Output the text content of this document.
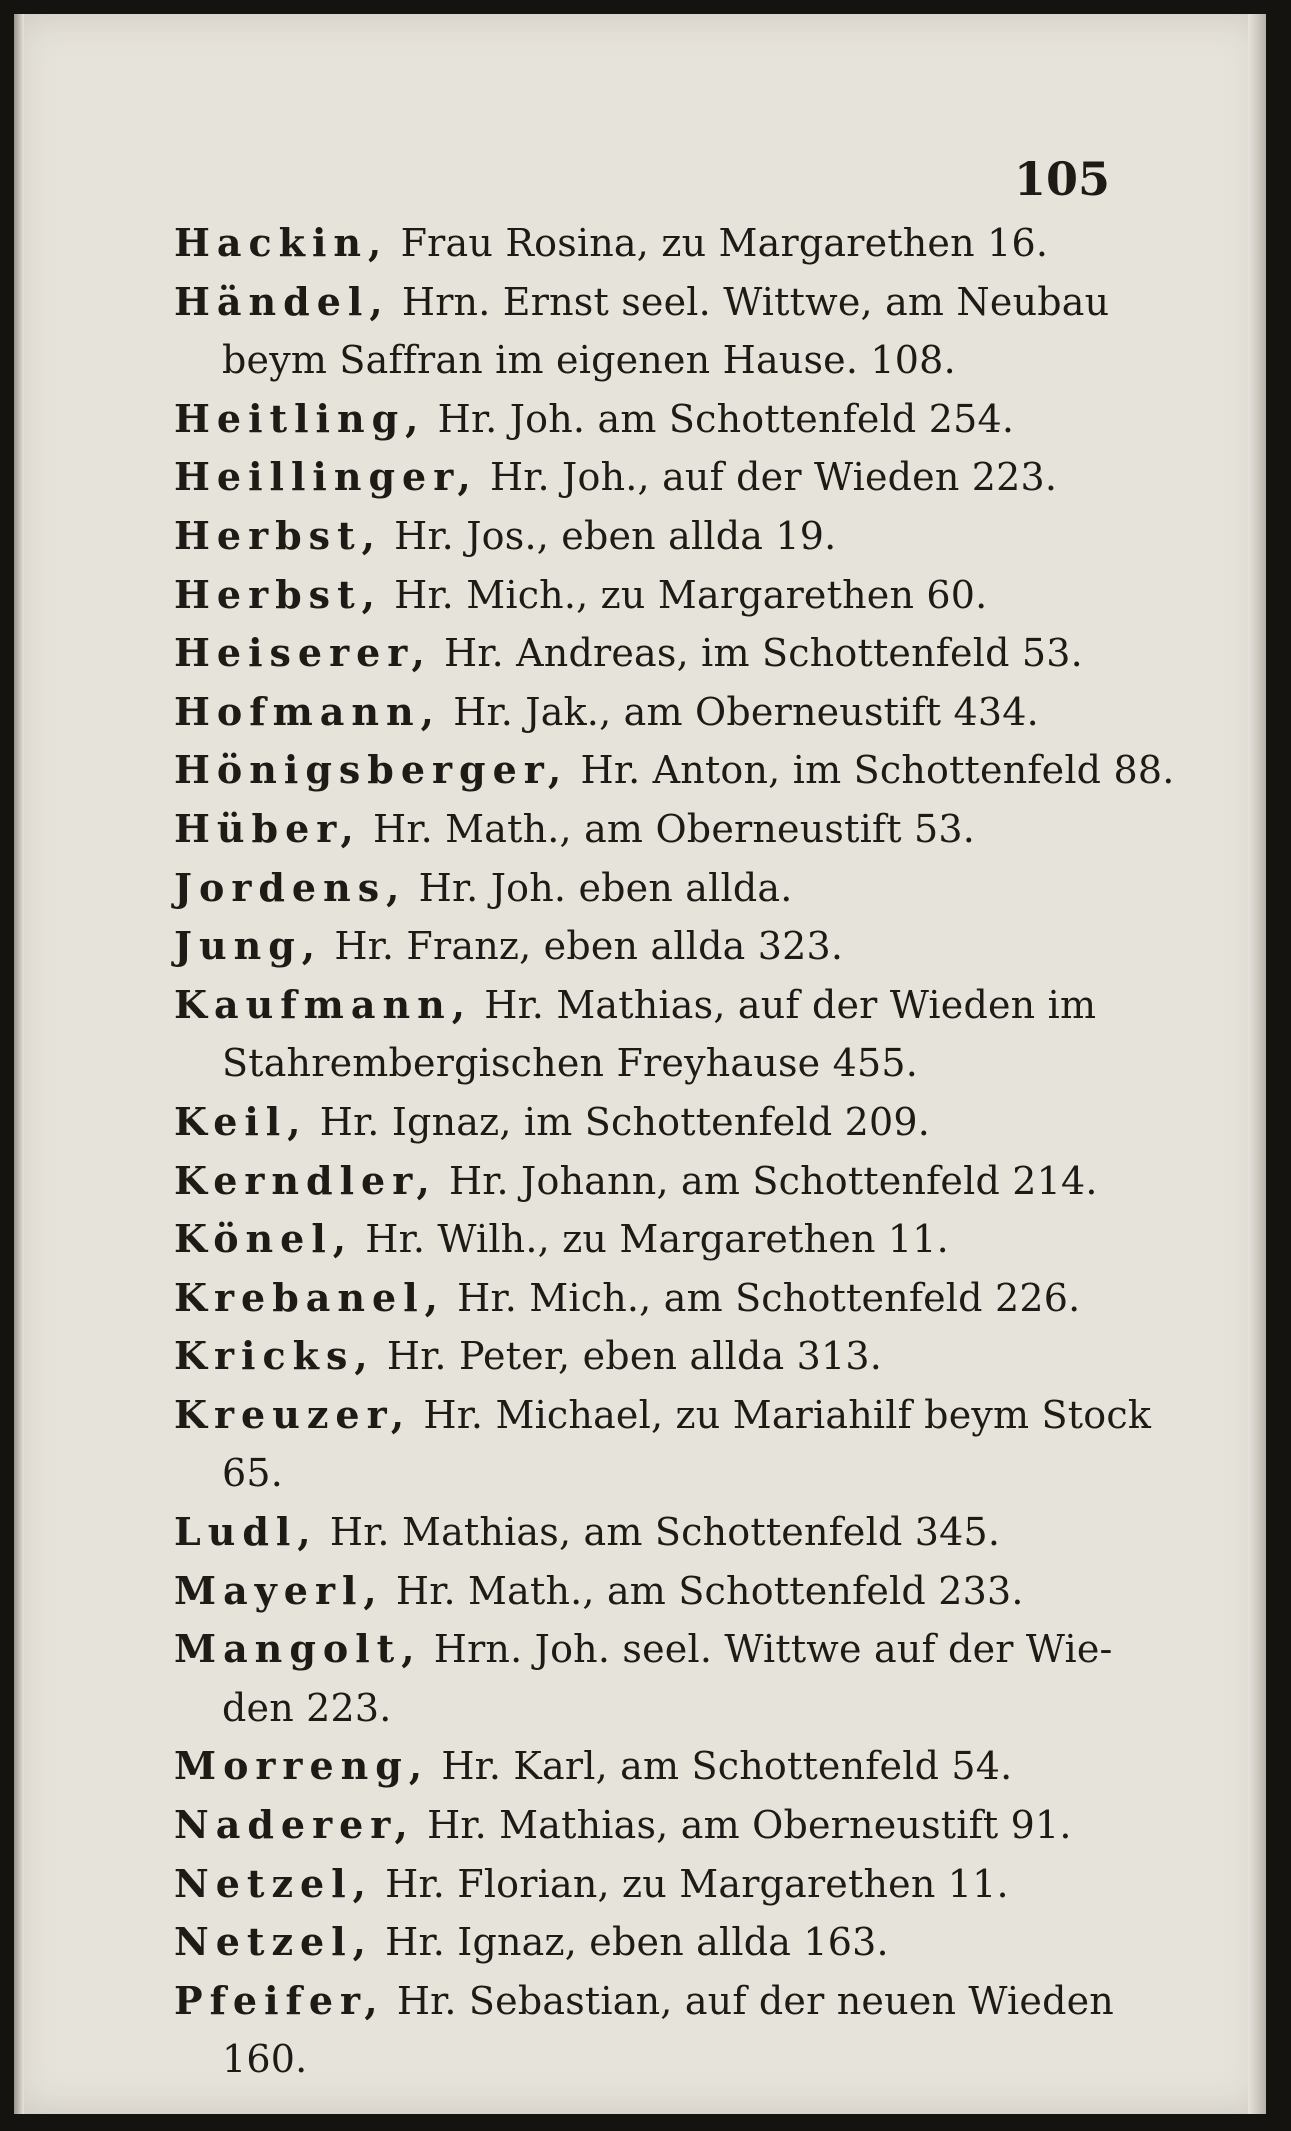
105
Hackin, Frau Rosina, zu Margarethen 16.
Händel, Hrn. Ernst seel. Wittwe, am Neubau
beym Saffran im eigenen Hause. 108.
Heitling, Hr. Joh. am Schottenfeld 254.
Heillinger, Hr. Joh., auf der Wieden 223.
Herbst, Hr. Jos., eben allda 19.
Herbst, Hr. Mich., zu Margarethen 60.
Heiserer, Hr. Andreas, im Schottenfeld 53.
Hofmann, Hr. Jak., am Oberneustift 434.
Hönigsberger, Hr. Anton, im Schottenfeld 88.
Hüber, Hr. Math., am Oberneustift 53.
Jordens, Hr. Joh. eben allda.
Jung, Hr. Franz, eben allda 323.
Kaufmann, Hr. Mathias, auf der Wieden im
Stahrembergischen Freyhause 455.
Keil, Hr. Ignaz, im Schottenfeld 209.
Kerndler, Hr. Johann, am Schottenfeld 214.
Könel, Hr. Wilh., zu Margarethen 11.
Krebanel, Hr. Mich., am Schottenfeld 226.
Kricks, Hr. Peter, eben allda 313.
Kreuzer, Hr. Michael, zu Mariahilf beym Stock
65.
Ludl, Hr. Mathias, am Schottenfeld 345.
Mayerl, Hr. Math., am Schottenfeld 233.
Mangolt, Hrn. Joh. seel. Wittwe auf der Wie-
den 223.
Morreng, Hr. Karl, am Schottenfeld 54.
Naderer, Hr. Mathias, am Oberneustift 91.
Netzel, Hr. Florian, zu Margarethen 11.
Netzel, Hr. Ignaz, eben allda 163.
Pfeifer, Hr. Sebastian, auf der neuen Wieden
160.
